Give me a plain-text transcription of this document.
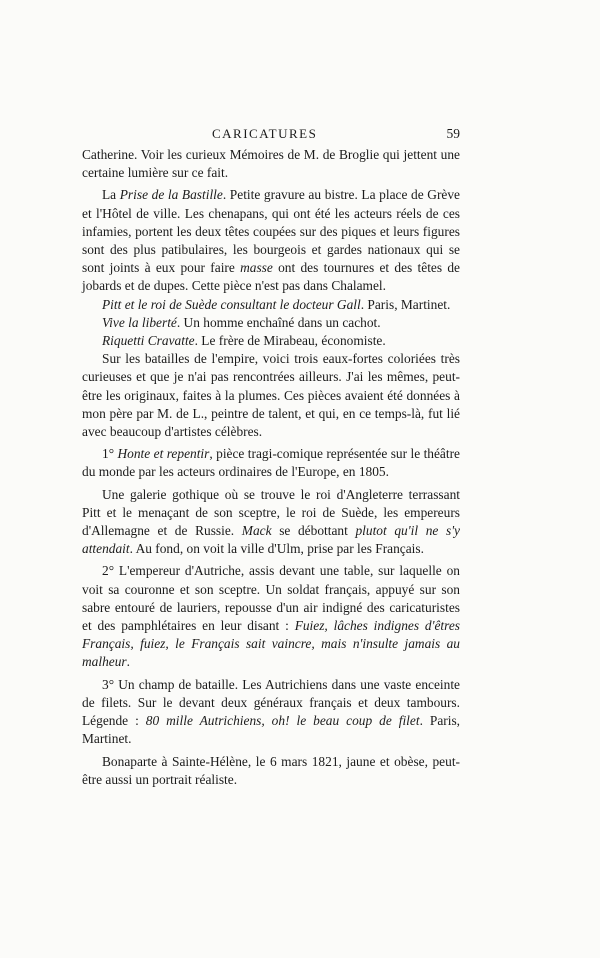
CARICATURES	59

Catherine. Voir les curieux Mémoires de M. de Broglie qui jettent une certaine lumière sur ce fait.

La Prise de la Bastille. Petite gravure au bistre. La place de Grève et l'Hôtel de ville. Les chenapans, qui ont été les acteurs réels de ces infamies, portent les deux têtes coupées sur des piques et leurs figures sont des plus patibulaires, les bourgeois et gardes nationaux qui se sont joints à eux pour faire masse ont des tournures et des têtes de jobards et de dupes. Cette pièce n'est pas dans Chalamel.

Pitt et le roi de Suède consultant le docteur Gall. Paris, Martinet.

Vive la liberté. Un homme enchaîné dans un cachot.

Riquetti Cravatte. Le frère de Mirabeau, économiste.

Sur les batailles de l'empire, voici trois eaux-fortes coloriées très curieuses et que je n'ai pas rencontrées ailleurs. J'ai les mêmes, peut-être les originaux, faites à la plumes. Ces pièces avaient été données à mon père par M. de L., peintre de talent, et qui, en ce temps-là, fut lié avec beaucoup d'artistes célèbres.

1° Honte et repentir, pièce tragi-comique représentée sur le théâtre du monde par les acteurs ordinaires de l'Europe, en 1805.

Une galerie gothique où se trouve le roi d'Angleterre terrassant Pitt et le menaçant de son sceptre, le roi de Suède, les empereurs d'Allemagne et de Russie. Mack se débottant plutot qu'il ne s'y attendait. Au fond, on voit la ville d'Ulm, prise par les Français.

2° L'empereur d'Autriche, assis devant une table, sur laquelle on voit sa couronne et son sceptre. Un soldat français, appuyé sur son sabre entouré de lauriers, repousse d'un air indigné des caricaturistes et des pamphlétaires en leur disant : Fuiez, lâches indignes d'êtres Français, fuiez, le Français sait vaincre, mais n'insulte jamais au malheur.

3° Un champ de bataille. Les Autrichiens dans une vaste enceinte de filets. Sur le devant deux généraux français et deux tambours. Légende : 80 mille Autrichiens, oh! le beau coup de filet. Paris, Martinet.

Bonaparte à Sainte-Hélène, le 6 mars 1821, jaune et obèse, peut-être aussi un portrait réaliste.
